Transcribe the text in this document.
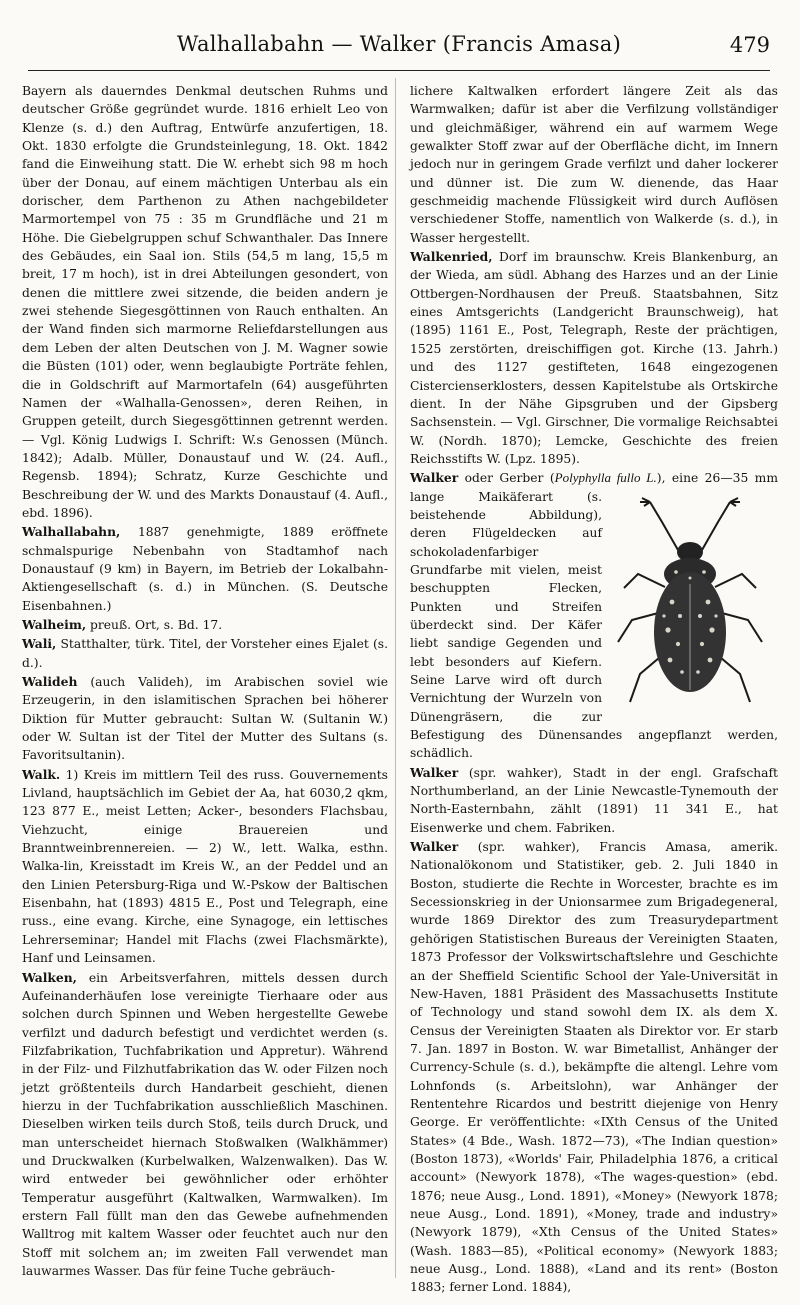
Walhallabahn — Walker (Francis Amasa)	479

Bayern als dauerndes Denkmal deutschen Ruhms und deutscher Größe gegründet wurde. 1816 erhielt Leo von Klenze (s. d.) den Auftrag, Entwürfe anzufertigen, 18. Okt. 1830 erfolgte die Grundsteinlegung, 18. Okt. 1842 fand die Einweihung statt. Die W. erhebt sich 98 m hoch über der Donau, auf einem mächtigen Unterbau als ein dorischer, dem Parthenon zu Athen nachgebildeter Marmortempel von 75 : 35 m Grundfläche und 21 m Höhe. Die Giebelgruppen schuf Schwanthaler. Das Innere des Gebäudes, ein Saal ion. Stils (54,5 m lang, 15,5 m breit, 17 m hoch), ist in drei Abteilungen gesondert, von denen die mittlere zwei sitzende, die beiden andern je zwei stehende Siegesgöttinnen von Rauch enthalten. An der Wand finden sich marmorne Reliefdarstellungen aus dem Leben der alten Deutschen von J. M. Wagner sowie die Büsten (101) oder, wenn beglaubigte Porträte fehlen, die in Goldschrift auf Marmortafeln (64) ausgeführten Namen der «Walhalla-Genossen», deren Reihen, in Gruppen geteilt, durch Siegesgöttinnen getrennt werden. — Vgl. König Ludwigs I. Schrift: W.s Genossen (Münch. 1842); Adalb. Müller, Donaustauf und W. (24. Aufl., Regensb. 1894); Schratz, Kurze Geschichte und Beschreibung der W. und des Markts Donaustauf (4. Aufl., ebd. 1896).

Walhallabahn, 1887 genehmigte, 1889 eröffnete schmalspurige Nebenbahn von Stadtamhof nach Donaustauf (9 km) in Bayern, im Betrieb der Lokalbahn-Aktiengesellschaft (s. d.) in München. (S. Deutsche Eisenbahnen.)

Walheim, preuß. Ort, s. Bd. 17.

Wali, Statthalter, türk. Titel, der Vorsteher eines Ejalet (s. d.).

Walideh (auch Valideh), im Arabischen soviel wie Erzeugerin, in den islamitischen Sprachen bei höherer Diktion für Mutter gebraucht: Sultan W. (Sultanin W.) oder W. Sultan ist der Titel der Mutter des Sultans (s. Favoritsultanin).

Walk. 1) Kreis im mittlern Teil des russ. Gouvernements Livland, hauptsächlich im Gebiet der Aa, hat 6030,2 qkm, 123 877 E., meist Letten; Acker-, besonders Flachsbau, Viehzucht, einige Brauereien und Branntweinbrennereien. — 2) W., lett. Walka, esthn. Walka-lin, Kreisstadt im Kreis W., an der Peddel und an den Linien Petersburg-Riga und W.-Pskow der Baltischen Eisenbahn, hat (1893) 4815 E., Post und Telegraph, eine russ., eine evang. Kirche, eine Synagoge, ein lettisches Lehrerseminar; Handel mit Flachs (zwei Flachsmärkte), Hanf und Leinsamen.

Walken, ein Arbeitsverfahren, mittels dessen durch Aufeinanderhäufen lose vereinigte Tierhaare oder aus solchen durch Spinnen und Weben hergestellte Gewebe verfilzt und dadurch befestigt und verdichtet werden (s. Filzfabrikation, Tuchfabrikation und Appretur). Während in der Filz- und Filzhutfabrikation das W. oder Filzen noch jetzt größtenteils durch Handarbeit geschieht, dienen hierzu in der Tuchfabrikation ausschließlich Maschinen. Dieselben wirken teils durch Stoß, teils durch Druck, und man unterscheidet hiernach Stoßwalken (Walkhämmer) und Druckwalken (Kurbelwalken, Walzenwalken). Das W. wird entweder bei gewöhnlicher oder erhöhter Temperatur ausgeführt (Kaltwalken, Warmwalken). Im erstern Fall füllt man den das Gewebe aufnehmenden Walltrog mit kaltem Wasser oder feuchtet auch nur den Stoff mit solchem an; im zweiten Fall verwendet man lauwarmes Wasser. Das für feine Tuche gebräuch-

lichere Kaltwalken erfordert längere Zeit als das Warmwalken; dafür ist aber die Verfilzung vollständiger und gleichmäßiger, während ein auf warmem Wege gewalkter Stoff zwar auf der Oberfläche dicht, im Innern jedoch nur in geringem Grade verfilzt und daher lockerer und dünner ist. Die zum W. dienende, das Haar geschmeidig machende Flüssigkeit wird durch Auflösen verschiedener Stoffe, namentlich von Walkerde (s. d.), in Wasser hergestellt.

Walkenried, Dorf im braunschw. Kreis Blankenburg, an der Wieda, am südl. Abhang des Harzes und an der Linie Ottbergen-Nordhausen der Preuß. Staatsbahnen, Sitz eines Amtsgerichts (Landgericht Braunschweig), hat (1895) 1161 E., Post, Telegraph, Reste der prächtigen, 1525 zerstörten, dreischiffigen got. Kirche (13. Jahrh.) und des 1127 gestifteten, 1648 eingezogenen Cistercienserklosters, dessen Kapitelstube als Ortskirche dient. In der Nähe Gipsgruben und der Gipsberg Sachsenstein. — Vgl. Girschner, Die vormalige Reichsabtei W. (Nordh. 1870); Lemcke, Geschichte des freien Reichsstifts W. (Lpz. 1895).

Walker oder Gerber (Polyphylla fullo L.
), eine 26—35 mm lange Maikäferart (s. beistehende Abbildung), deren Flügeldecken auf schokoladenfarbiger Grundfarbe mit vielen, meist beschuppten Flecken, Punkten und Streifen überdeckt sind. Der Käfer liebt sandige Gegenden und lebt besonders auf Kiefern. Seine Larve wird oft durch Vernichtung der Wurzeln von Dünengräsern, die zur Befestigung des Dünensandes angepflanzt werden, schädlich.

Walker (spr. wahker), Stadt in der engl. Grafschaft Northumberland, an der Linie Newcastle-Tynemouth der North-Easternbahn, zählt (1891) 11 341 E., hat Eisenwerke und chem. Fabriken.

Walker (spr. wahker), Francis Amasa, amerik. Nationalökonom und Statistiker, geb. 2. Juli 1840 in Boston, studierte die Rechte in Worcester, brachte es im Secessionskrieg in der Unionsarmee zum Brigadegeneral, wurde 1869 Direktor des zum Treasurydepartment gehörigen Statistischen Bureaus der Vereinigten Staaten, 1873 Professor der Volkswirtschaftslehre und Geschichte an der Sheffield Scientific School der Yale-Universität in New-Haven, 1881 Präsident des Massachusetts Institute of Technology und stand sowohl dem IX. als dem X. Census der Vereinigten Staaten als Direktor vor. Er starb 7. Jan. 1897 in Boston. W. war Bimetallist, Anhänger der Currency-Schule (s. d.), bekämpfte die altengl. Lehre vom Lohnfonds (s. Arbeitslohn), war Anhänger der Rententehre Ricardos und bestritt diejenige von Henry George. Er veröffentlichte: «IXth Census of the United States» (4 Bde., Wash. 1872—73), «The Indian question» (Boston 1873), «Worlds' Fair, Philadelphia 1876, a critical account» (Newyork 1878), «The wages-question» (ebd. 1876; neue Ausg., Lond. 1891), «Money» (Newyork 1878; neue Ausg., Lond. 1891), «Money, trade and industry» (Newyork 1879), «Xth Census of the United States» (Wash. 1883—85), «Political economy» (Newyork 1883; neue Ausg., Lond. 1888), «Land and its rent» (Boston 1883; ferner Lond. 1884),
